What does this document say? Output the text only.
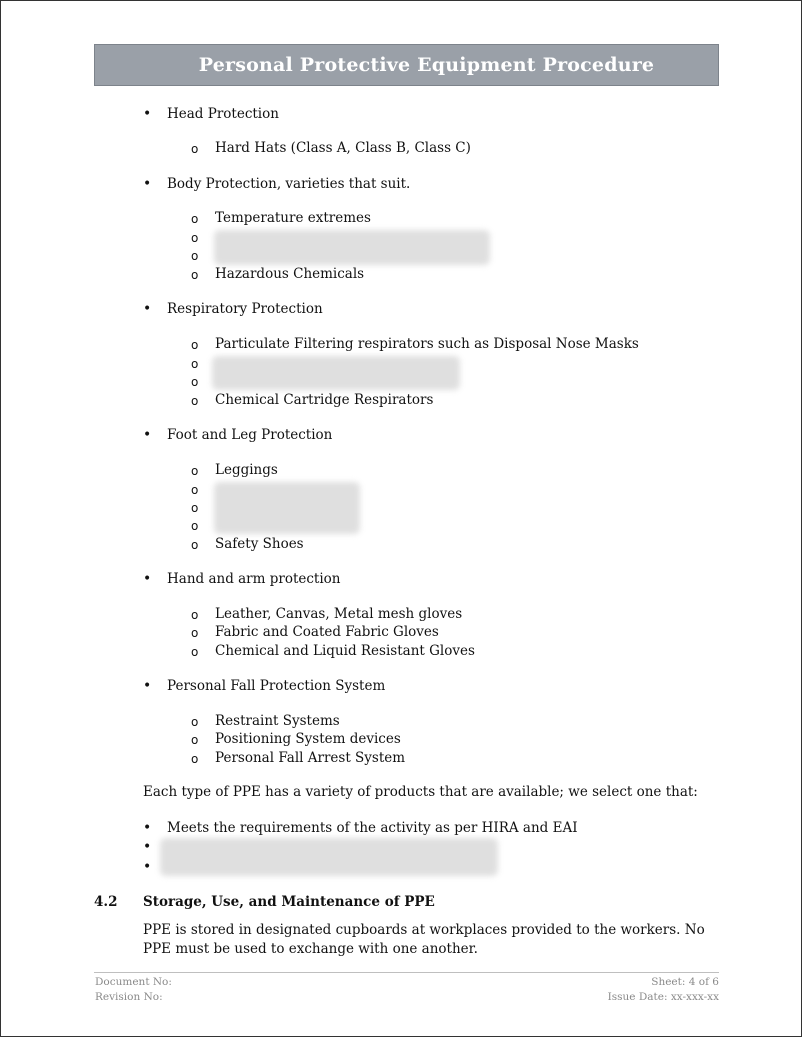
Personal Protective Equipment Procedure
• Head Protection
o Hard Hats (Class A, Class B, Class C)
• Body Protection, varieties that suit.
o Temperature extremes
o
o
o Hazardous Chemicals
• Respiratory Protection
o Particulate Filtering respirators such as Disposal Nose Masks
o
o
o Chemical Cartridge Respirators
• Foot and Leg Protection
o Leggings
o
o
o
o Safety Shoes
• Hand and arm protection
o Leather, Canvas, Metal mesh gloves
o Fabric and Coated Fabric Gloves
o Chemical and Liquid Resistant Gloves
• Personal Fall Protection System
o Restraint Systems
o Positioning System devices
o Personal Fall Arrest System
Each type of PPE has a variety of products that are available; we select one that:
• Meets the requirements of the activity as per HIRA and EAI
•
•
4.2 Storage, Use, and Maintenance of PPE
PPE is stored in designated cupboards at workplaces provided to the workers. No PPE must be used to exchange with one another.
Document No:
Revision No:
Sheet: 4 of 6
Issue Date: xx-xxx-xx
